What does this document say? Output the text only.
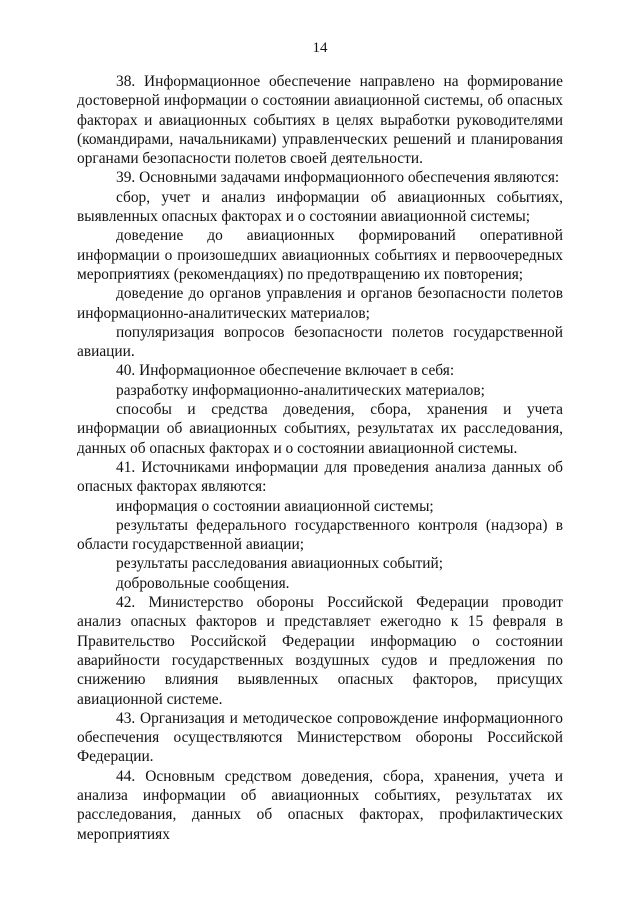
14

38. Информационное обеспечение направлено на формирование достоверной информации о состоянии авиационной системы, об опасных факторах и авиационных событиях в целях выработки руководителями (командирами, начальниками) управленческих решений и планирования органами безопасности полетов своей деятельности.

39. Основными задачами информационного обеспечения являются:

сбор, учет и анализ информации об авиационных событиях, выявленных опасных факторах и о состоянии авиационной системы;

доведение до авиационных формирований оперативной информации о произошедших авиационных событиях и первоочередных мероприятиях (рекомендациях) по предотвращению их повторения;

доведение до органов управления и органов безопасности полетов информационно-аналитических материалов;

популяризация вопросов безопасности полетов государственной авиации.

40. Информационное обеспечение включает в себя:

разработку информационно-аналитических материалов;

способы и средства доведения, сбора, хранения и учета информации об авиационных событиях, результатах их расследования, данных об опасных факторах и о состоянии авиационной системы.

41. Источниками информации для проведения анализа данных об опасных факторах являются:

информация о состоянии авиационной системы;

результаты федерального государственного контроля (надзора) в области государственной авиации;

результаты расследования авиационных событий;

добровольные сообщения.

42. Министерство обороны Российской Федерации проводит анализ опасных факторов и представляет ежегодно к 15 февраля в Правительство Российской Федерации информацию о состоянии аварийности государственных воздушных судов и предложения по снижению влияния выявленных опасных факторов, присущих авиационной системе.

43. Организация и методическое сопровождение информационного обеспечения осуществляются Министерством обороны Российской Федерации.

44. Основным средством доведения, сбора, хранения, учета и анализа информации об авиационных событиях, результатах их расследования, данных об опасных факторах, профилактических мероприятиях
